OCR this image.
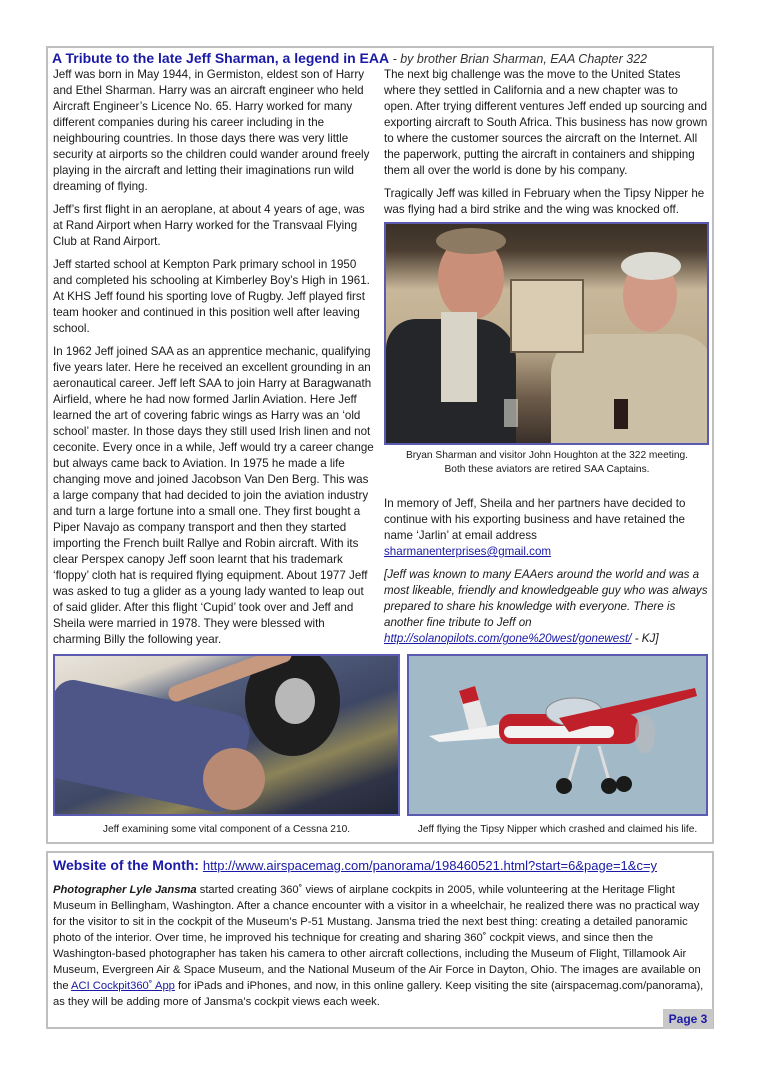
A Tribute to the late Jeff Sharman, a legend in EAA - by brother Brian Sharman, EAA Chapter 322

Jeff was born in May 1944, in Germiston, eldest son of Harry and Ethel Sharman. Harry was an aircraft engineer who held Aircraft Engineer’s Licence No. 65. Harry worked for many different companies during his career including in the neighbouring countries. In those days there was very little security at airports so the children could wander around freely playing in the aircraft and letting their imaginations run wild dreaming of flying.

Jeff’s first flight in an aeroplane, at about 4 years of age, was at Rand Airport when Harry worked for the Transvaal Flying Club at Rand Airport.

Jeff started school at Kempton Park primary school in 1950 and completed his schooling at Kimberley Boy’s High in 1961. At KHS Jeff found his sporting love of Rugby. Jeff played first team hooker and continued in this position well after leaving school.

In 1962 Jeff joined SAA as an apprentice mechanic, qualifying five years later. Here he received an excellent grounding in an aeronautical career. Jeff left SAA to join Harry at Baragwanath Airfield, where he had now formed Jarlin Aviation. Here Jeff learned the art of covering fabric wings as Harry was an ‘old school’ master. In those days they still used Irish linen and not ceconite. Every once in a while, Jeff would try a career change but always came back to Aviation. In 1975 he made a life changing move and joined Jacobson Van Den Berg. This was a large company that had decided to join the aviation industry and turn a large fortune into a small one. They first bought a Piper Navajo as company transport and then they started importing the French built Rallye and Robin aircraft. With its clear Perspex canopy Jeff soon learnt that his trademark ‘floppy’ cloth hat is required flying equipment. About 1977 Jeff was asked to tug a glider as a young lady wanted to leap out of said glider. After this flight ‘Cupid’ took over and Jeff and Sheila were married in 1978. They were blessed with charming Billy the following year.

The next big challenge was the move to the United States where they settled in California and a new chapter was to open. After trying different ventures Jeff ended up sourcing and exporting aircraft to South Africa. This business has now grown to where the customer sources the aircraft on the Internet. All the paperwork, putting the aircraft in containers and shipping them all over the world is done by his company.

Tragically Jeff was killed in February when the Tipsy Nipper he was flying had a bird strike and the wing was knocked off.

Bryan Sharman and visitor John Houghton at the 322 meeting.
Both these aviators are retired SAA Captains.

In memory of Jeff, Sheila and her partners have decided to continue with his exporting business and have retained the name ‘Jarlin’ at email address
sharmanenterprises@gmail.com

[Jeff was known to many EAAers around the world and was a most likeable, friendly and knowledgeable guy who was always prepared to share his knowledge with everyone. There is another fine tribute to Jeff on http://solanopilots.com/gone%20west/gonewest/ - KJ]

Jeff examining some vital component of a Cessna 210.	Jeff flying the Tipsy Nipper which crashed and claimed his life.
Website of the Month: http://www.airspacemag.com/panorama/198460521.html?start=6&page=1&c=y
Photographer Lyle Jansma started creating 360˚ views of airplane cockpits in 2005, while volunteering at the Heritage Flight Museum in Bellingham, Washington. After a chance encounter with a visitor in a wheelchair, he realized there was no practical way for the visitor to sit in the cockpit of the Museum’s P-51 Mustang. Jansma tried the next best thing: creating a detailed panoramic photo of the interior. Over time, he improved his technique for creating and sharing 360˚ cockpit views, and since then the Washington-based photographer has taken his camera to other aircraft collections, including the Museum of Flight, Tillamook Air Museum, Evergreen Air & Space Museum, and the National Museum of the Air Force in Dayton, Ohio. The images are available on the ACI Cockpit360˚ App for iPads and iPhones, and now, in this online gallery. Keep visiting the site (airspacemag.com/panorama), as they will be adding more of Jansma’s cockpit views each week.
Page 3
